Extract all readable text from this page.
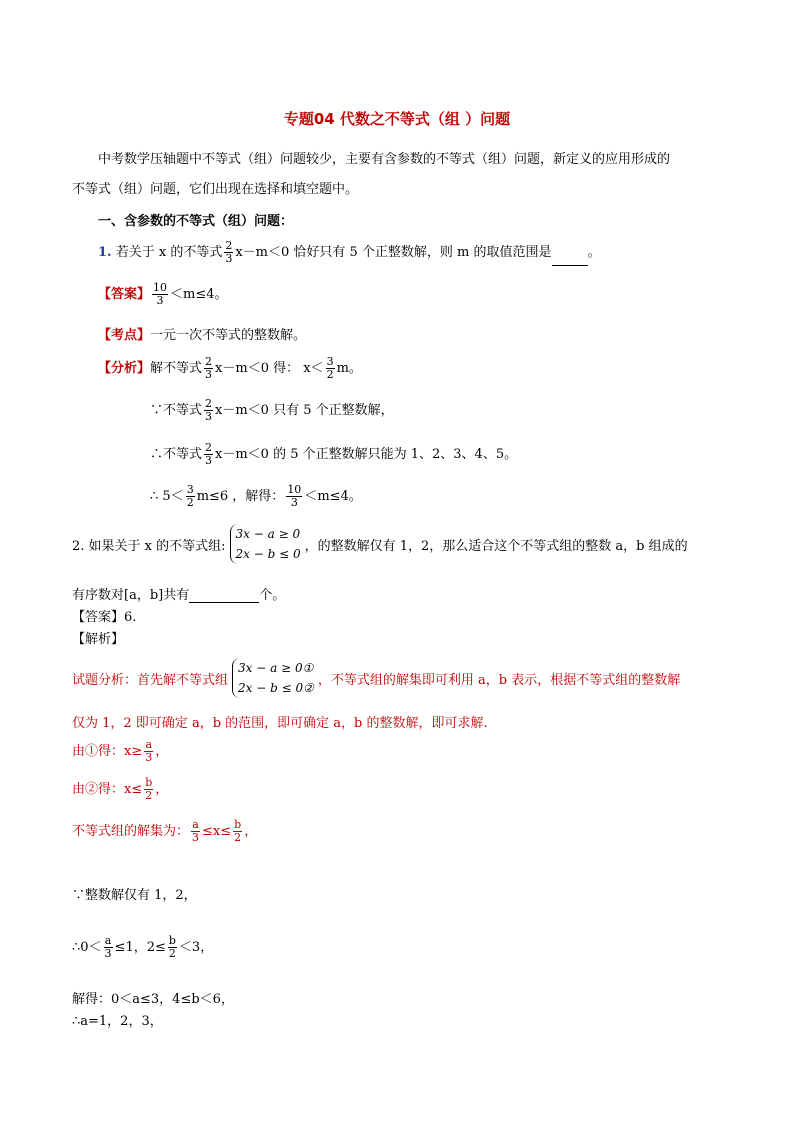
专题04 代数之不等式（组 ）问题
中考数学压轴题中不等式（组）问题较少，主要有含参数的不等式（组）问题，新定义的应用形成的
不等式（组）问题，它们出现在选择和填空题中。
一、含参数的不等式（组）问题：
1. 若关于 x 的不等式 $\frac{2}{3} x-m<0$ 恰好只有 5 个正整数解，则 m 的取值范围是	。
【答案】 $\frac{10}{3} <m\le 4$。
【考点】一元一次不等式的整数解。
【分析】解不等式 $\frac{2}{3} x-m<0$ 得： $x< \frac{3}{2}$ m。
∵不等式 $\frac{2}{3} x-m<0$ 只有 5 个正整数解，
∴不等式 $\frac{2}{3} x-m<0$ 的 5 个正整数解只能为 1、2、3、4、5。
∴ $5< \frac{3}{2} m\le 6$ ，解得： $\frac{10}{3} <m\le 4$。
2. 如果关于 x 的不等式组:
3x − a ≥ 0
2x − b ≤ 0
，的整数解仅有 1，2，那么适合这个不等式组的整数 a，b 组成的
有序数对[a，b]共有	个。
【答案】6.
【解析】
试题分析：首先解不等式组
3x − a ≥ 0①
2x − b ≤ 0②
，不等式组的解集即可利用 a，b 表示，根据不等式组的整数解
仅为 1，2 即可确定 a，b 的范围，即可确定 a，b 的整数解，即可求解.
由①得：$x\ge \frac{a}{3}$ ，
由②得：$x\le \frac{b}{2}$ ，
不等式组的解集为： $\frac{a}{3} \le x\le \frac{b}{2}$ ，
∵整数解仅有 1，2，
∴0＜ $\frac{a}{3} \le 1$，$2\le \frac{b}{2} <3$，
解得：0＜a≤3，4≤b＜6，
∴a=1，2，3，
